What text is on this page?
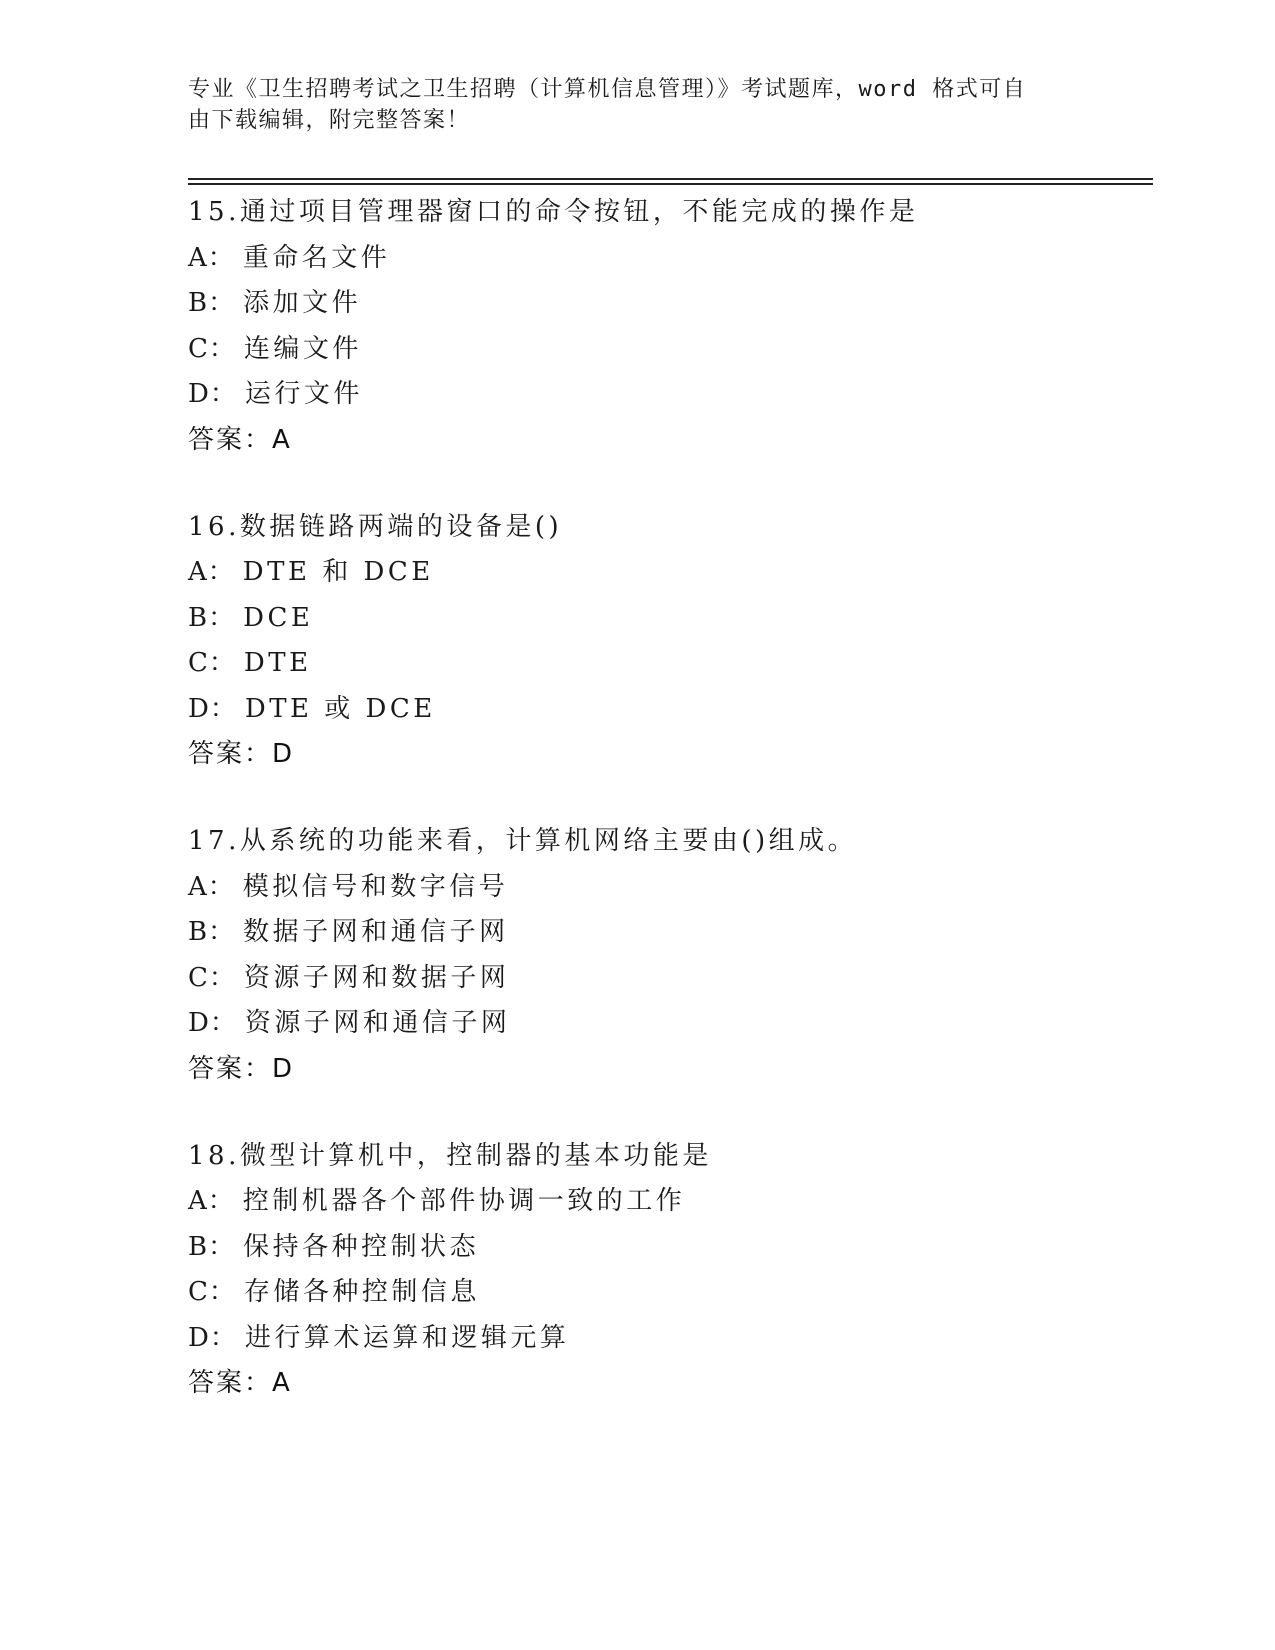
专业《卫生招聘考试之卫生招聘（计算机信息管理）》考试题库，word 格式可自
由下载编辑，附完整答案！
15.通过项目管理器窗口的命令按钮，不能完成的操作是
A： 重命名文件
B： 添加文件
C： 连编文件
D： 运行文件
答案：A
16.数据链路两端的设备是()
A： DTE 和 DCE
B： DCE
C： DTE
D： DTE 或 DCE
答案：D
17.从系统的功能来看，计算机网络主要由()组成。
A： 模拟信号和数字信号
B： 数据子网和通信子网
C： 资源子网和数据子网
D： 资源子网和通信子网
答案：D
18.微型计算机中，控制器的基本功能是
A： 控制机器各个部件协调一致的工作
B： 保持各种控制状态
C： 存储各种控制信息
D： 进行算术运算和逻辑元算
答案：A
